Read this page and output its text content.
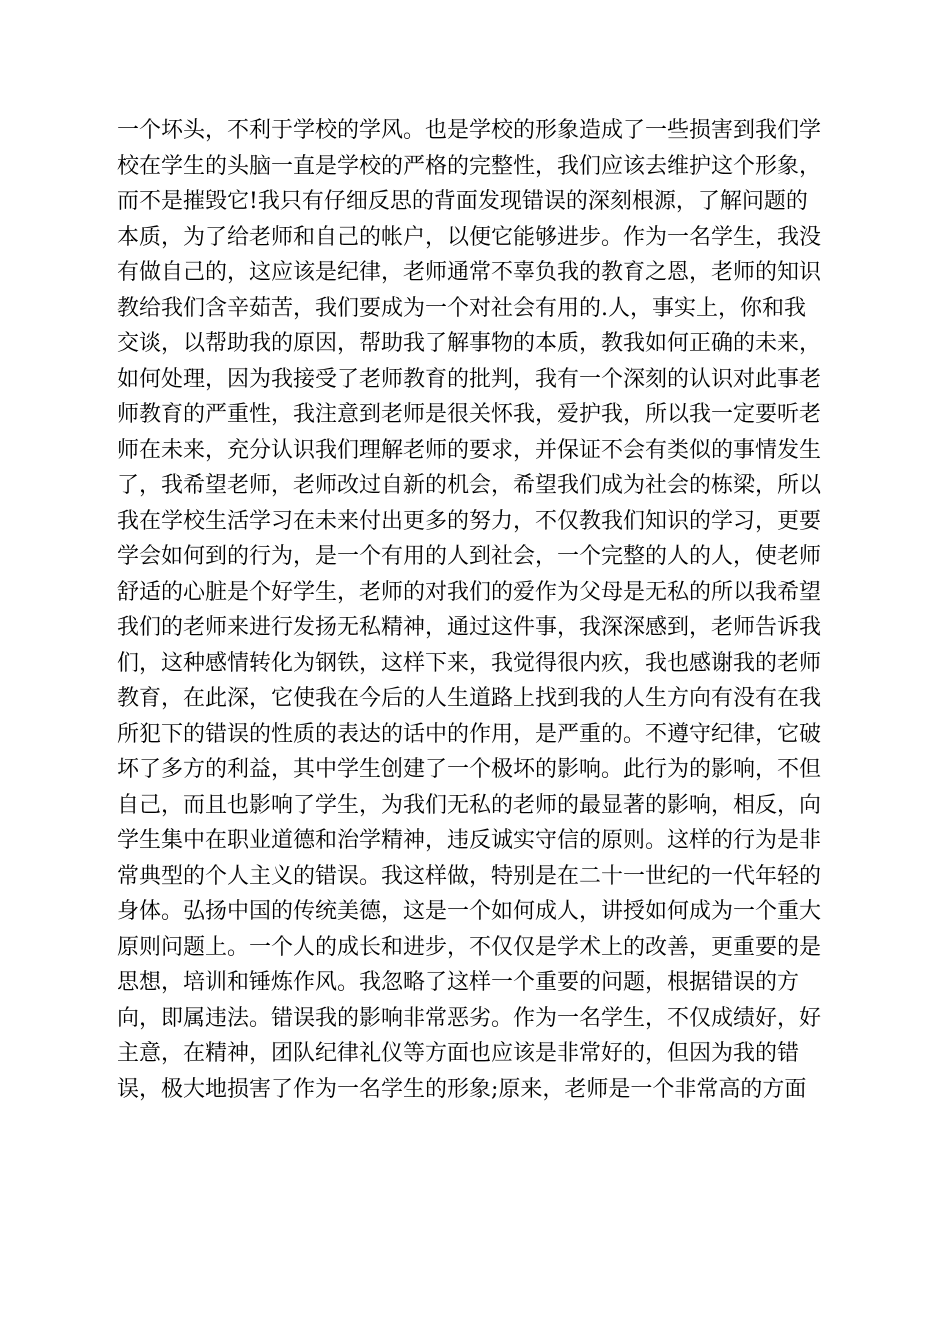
一个坏头，不利于学校的学风。也是学校的形象造成了一些损害到我们学
校在学生的头脑一直是学校的严格的完整性，我们应该去维护这个形象，
而不是摧毁它!我只有仔细反思的背面发现错误的深刻根源，了解问题的
本质，为了给老师和自己的帐户，以便它能够进步。作为一名学生，我没
有做自己的，这应该是纪律，老师通常不辜负我的教育之恩，老师的知识
教给我们含辛茹苦，我们要成为一个对社会有用的.人，事实上，你和我
交谈，以帮助我的原因，帮助我了解事物的本质，教我如何正确的未来，
如何处理，因为我接受了老师教育的批判，我有一个深刻的认识对此事老
师教育的严重性，我注意到老师是很关怀我，爱护我，所以我一定要听老
师在未来，充分认识我们理解老师的要求，并保证不会有类似的事情发生
了，我希望老师，老师改过自新的机会，希望我们成为社会的栋梁，所以
我在学校生活学习在未来付出更多的努力，不仅教我们知识的学习，更要
学会如何到的行为，是一个有用的人到社会，一个完整的人的人，使老师
舒适的心脏是个好学生，老师的对我们的爱作为父母是无私的所以我希望
我们的老师来进行发扬无私精神，通过这件事，我深深感到，老师告诉我
们，这种感情转化为钢铁，这样下来，我觉得很内疚，我也感谢我的老师
教育，在此深，它使我在今后的人生道路上找到我的人生方向有没有在我
所犯下的错误的性质的表达的话中的作用，是严重的。不遵守纪律，它破
坏了多方的利益，其中学生创建了一个极坏的影响。此行为的影响，不但
自己，而且也影响了学生，为我们无私的老师的最显著的影响，相反，向
学生集中在职业道德和治学精神，违反诚实守信的原则。这样的行为是非
常典型的个人主义的错误。我这样做，特别是在二十一世纪的一代年轻的
身体。弘扬中国的传统美德，这是一个如何成人，讲授如何成为一个重大
原则问题上。一个人的成长和进步，不仅仅是学术上的改善，更重要的是
思想，培训和锤炼作风。我忽略了这样一个重要的问题，根据错误的方
向，即属违法。错误我的影响非常恶劣。作为一名学生，不仅成绩好，好
主意，在精神，团队纪律礼仪等方面也应该是非常好的，但因为我的错
误，极大地损害了作为一名学生的形象;原来，老师是一个非常高的方面
